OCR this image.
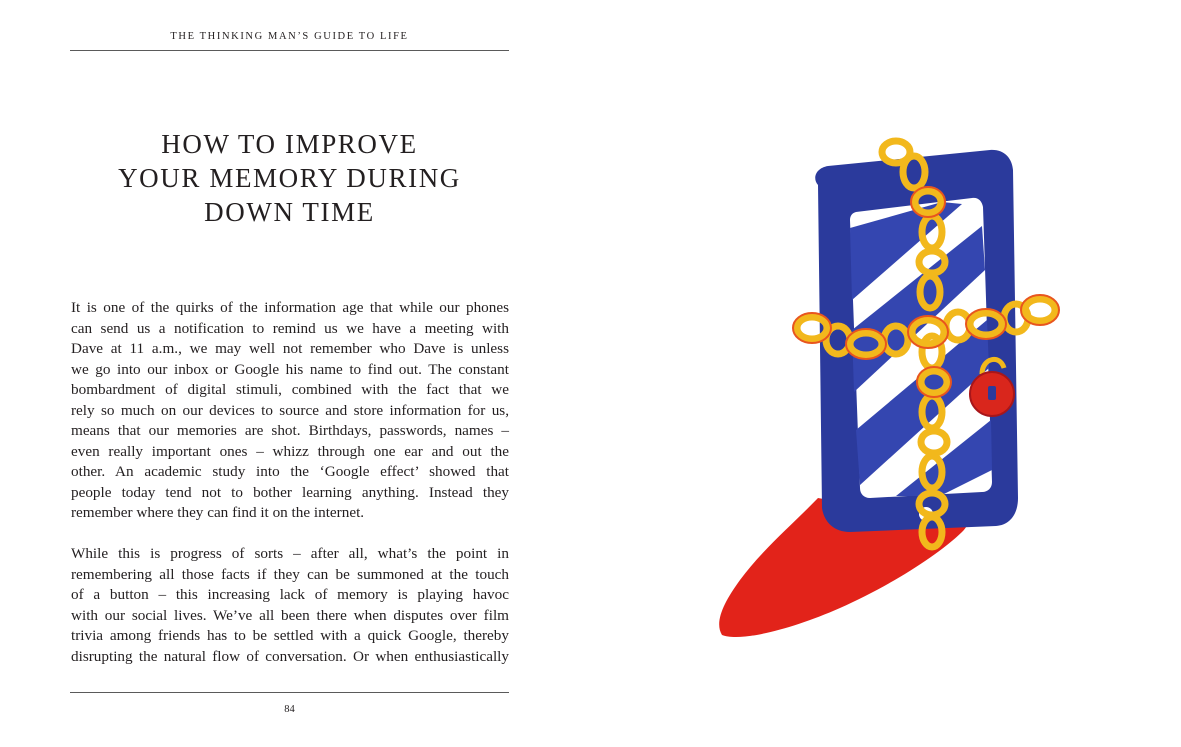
THE THINKING MAN’S GUIDE TO LIFE
HOW TO IMPROVE
YOUR MEMORY DURING
DOWN TIME
It is one of the quirks of the information age that while our phones
can send us a notification to remind us we have a meeting with
Dave at 11 a.m., we may well not remember who Dave is unless
we go into our inbox or Google his name to find out. The constant
bombardment of digital stimuli, combined with the fact that we
rely so much on our devices to source and store information for us,
means that our memories are shot. Birthdays, passwords, names –
even really important ones – whizz through one ear and out the
other. An academic study into the ‘Google effect’ showed that
people today tend not to bother learning anything. Instead they
remember where they can find it on the internet.
While this is progress of sorts – after all, what’s the point in
remembering all those facts if they can be summoned at the touch
of a button – this increasing lack of memory is playing havoc
with our social lives. We’ve all been there when disputes over film
trivia among friends has to be settled with a quick Google, thereby
disrupting the natural flow of conversation. Or when enthusiastically
84
